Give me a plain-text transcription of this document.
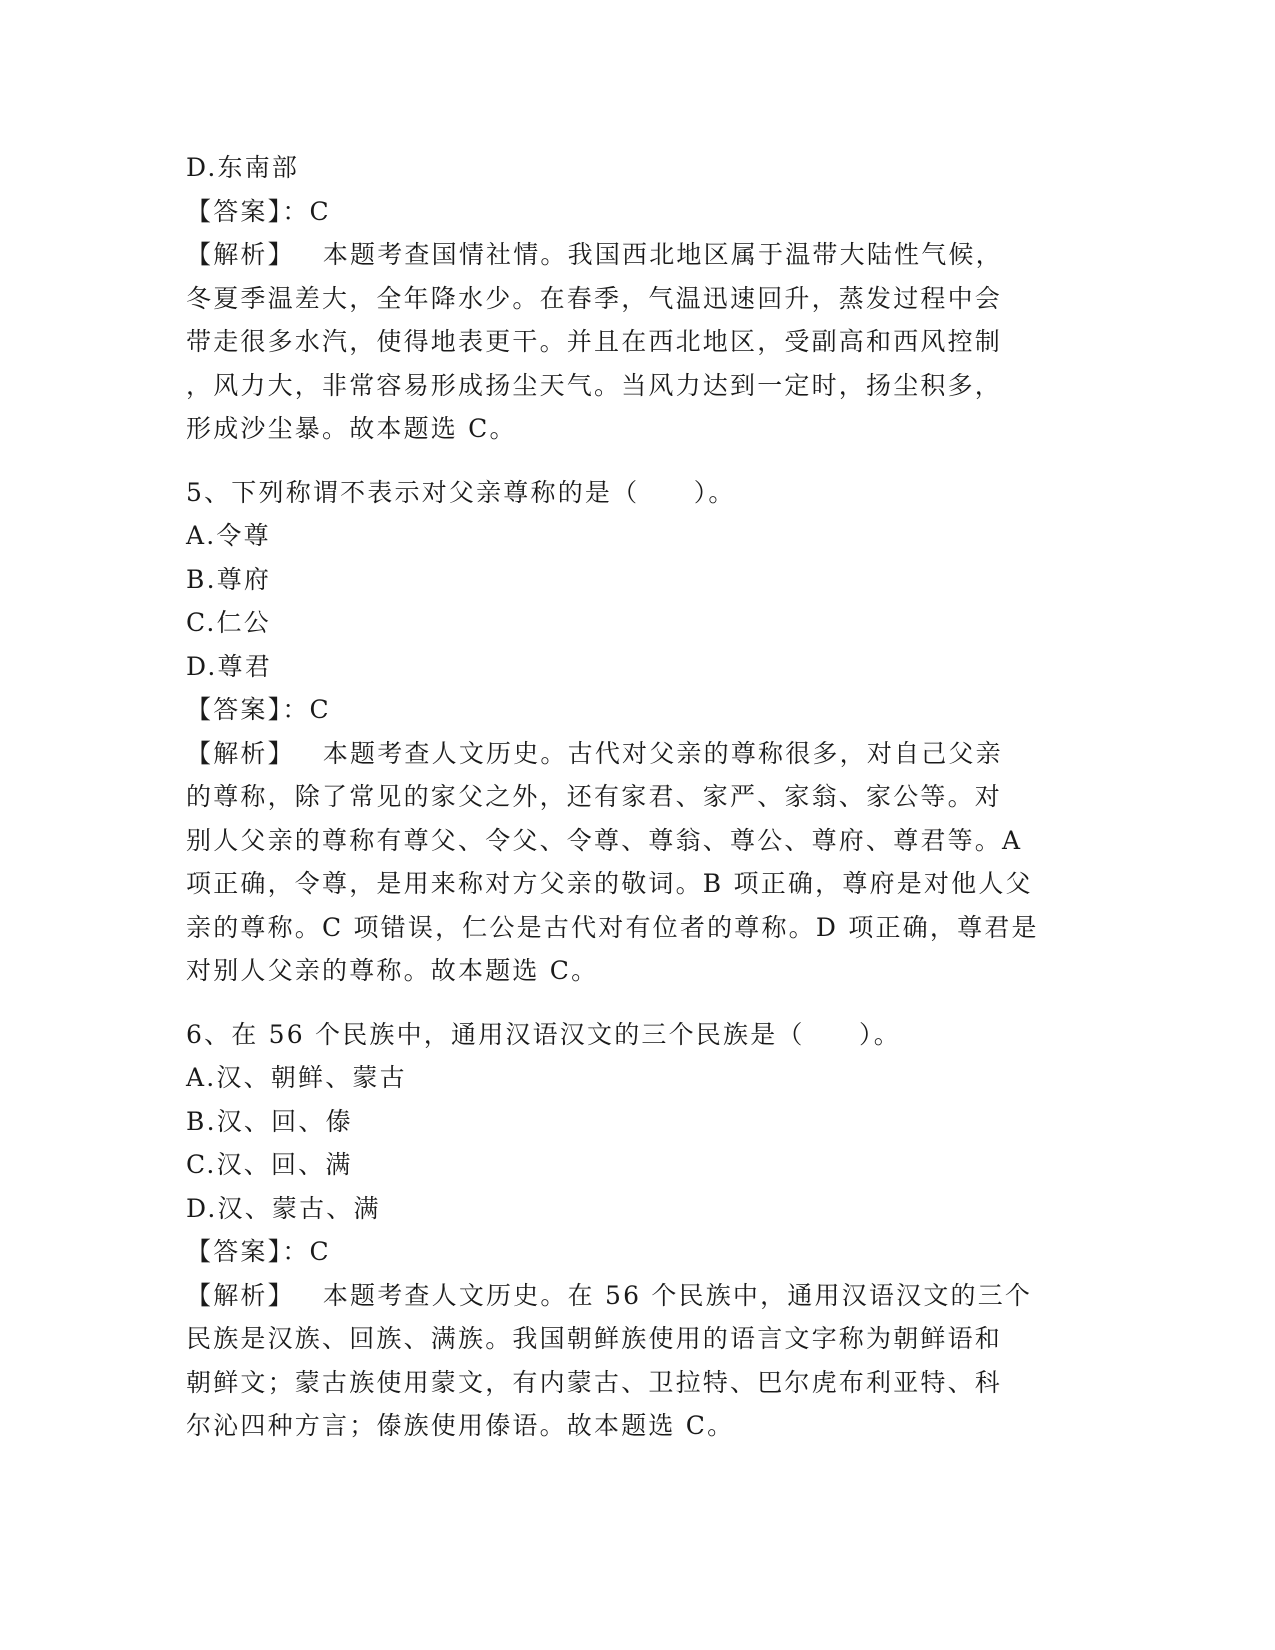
D.东南部
【答案】：C
【解析】 本题考查国情社情。我国西北地区属于温带大陆性气候，
冬夏季温差大，全年降水少。在春季，气温迅速回升，蒸发过程中会
带走很多水汽，使得地表更干。并且在西北地区，受副高和西风控制
，风力大，非常容易形成扬尘天气。当风力达到一定时，扬尘积多，
形成沙尘暴。故本题选 C。
5、下列称谓不表示对父亲尊称的是（　　）。
A.令尊
B.尊府
C.仁公
D.尊君
【答案】：C
【解析】 本题考查人文历史。古代对父亲的尊称很多，对自己父亲
的尊称，除了常见的家父之外，还有家君、家严、家翁、家公等。对
别人父亲的尊称有尊父、令父、令尊、尊翁、尊公、尊府、尊君等。A
项正确，令尊，是用来称对方父亲的敬词。B 项正确，尊府是对他人父
亲的尊称。C 项错误，仁公是古代对有位者的尊称。D 项正确，尊君是
对别人父亲的尊称。故本题选 C。
6、在 56 个民族中，通用汉语汉文的三个民族是（　　）。
A.汉、朝鲜、蒙古
B.汉、回、傣
C.汉、回、满
D.汉、蒙古、满
【答案】：C
【解析】 本题考查人文历史。在 56 个民族中，通用汉语汉文的三个
民族是汉族、回族、满族。我国朝鲜族使用的语言文字称为朝鲜语和
朝鲜文；蒙古族使用蒙文，有内蒙古、卫拉特、巴尔虎布利亚特、科
尔沁四种方言；傣族使用傣语。故本题选 C。
